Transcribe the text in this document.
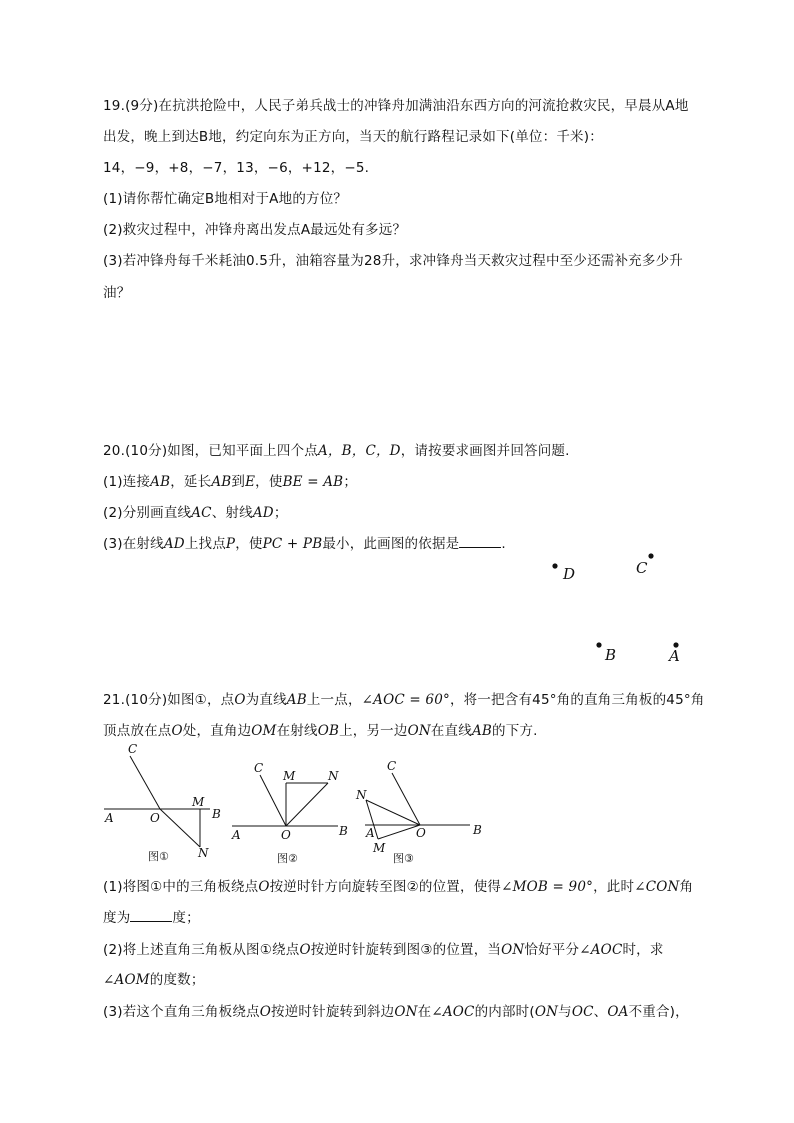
19.(9分)在抗洪抢险中，人民子弟兵战士的冲锋舟加满油沿东西方向的河流抢救灾民，早晨从A地
出发，晚上到达B地，约定向东为正方向，当天的航行路程记录如下(单位：千米)：
14，−9，+8，−7，13，−6，+12，−5.
(1)请你帮忙确定B地相对于A地的方位？
(2)救灾过程中，冲锋舟离出发点A最远处有多远？
(3)若冲锋舟每千米耗油0.5升，油箱容量为28升，求冲锋舟当天救灾过程中至少还需补充多少升
油？
20.(10分)如图，已知平面上四个点A，B，C，D，请按要求画图并回答问题.
(1)连接AB，延长AB到E，使BE = AB；
(2)分别画直线AC、射线AD；
(3)在射线AD上找点P，使PC + PB最小，此画图的依据是	.
D	C
B	A
21.(10分)如图①，点O为直线AB上一点，∠AOC = 60°，将一把含有45°角的直角三角板的45°角
顶点放在点O处，直角边OM在射线OB上，另一边ON在直线AB的下方.
C
A	O
M
B
N
图①
C
M	N
A	O	B
图②
C
N
A	O	B
M
图③
(1)将图①中的三角板绕点O按逆时针方向旋转至图②的位置，使得∠MOB = 90°，此时∠CON角
度为	度；
(2)将上述直角三角板从图①绕点O按逆时针旋转到图③的位置，当ON恰好平分∠AOC时，求
∠AOM的度数；
(3)若这个直角三角板绕点O按逆时针旋转到斜边ON在∠AOC的内部时(ON与OC、OA不重合)，
